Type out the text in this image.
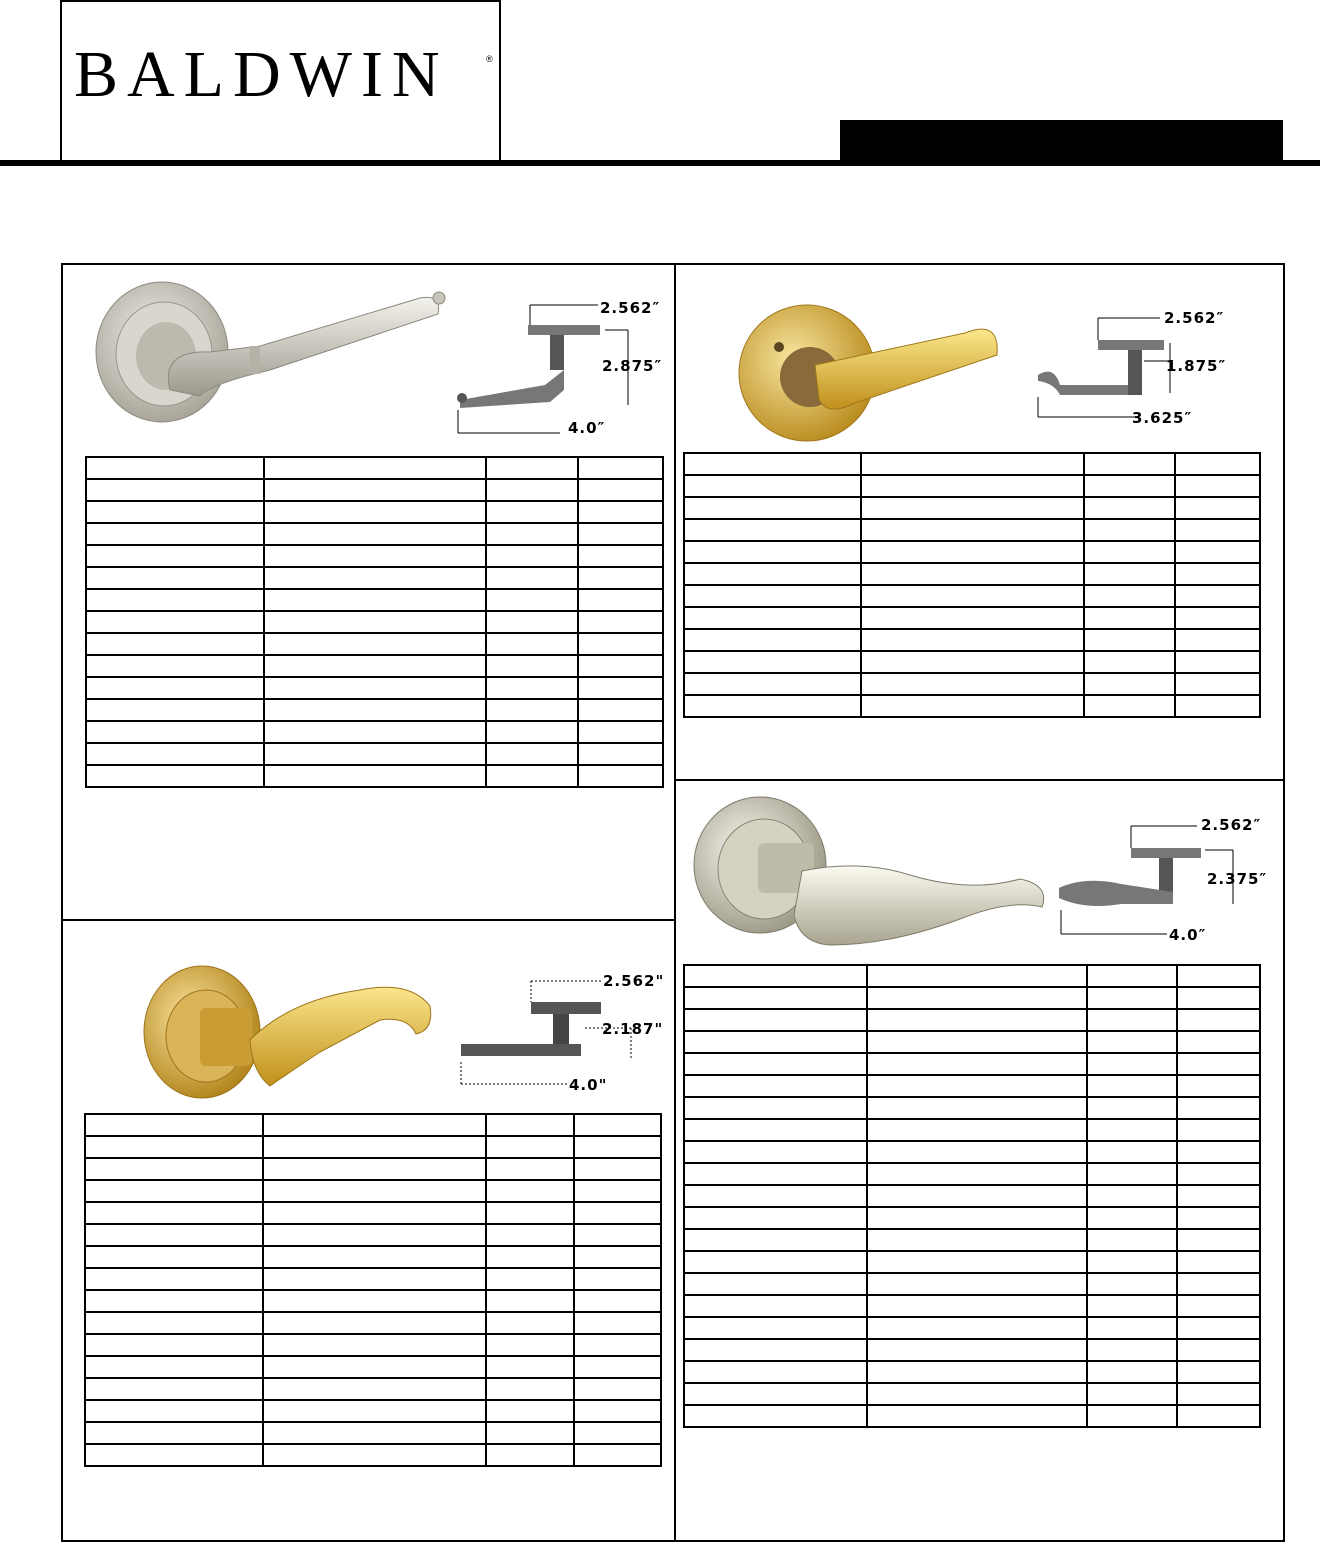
BALDWIN	®
2.562″
2.875″
4.0″

2.562″
1.875″
3.625″

2.562"
2.187"
4.0"

2.562″
2.375″
4.0″
